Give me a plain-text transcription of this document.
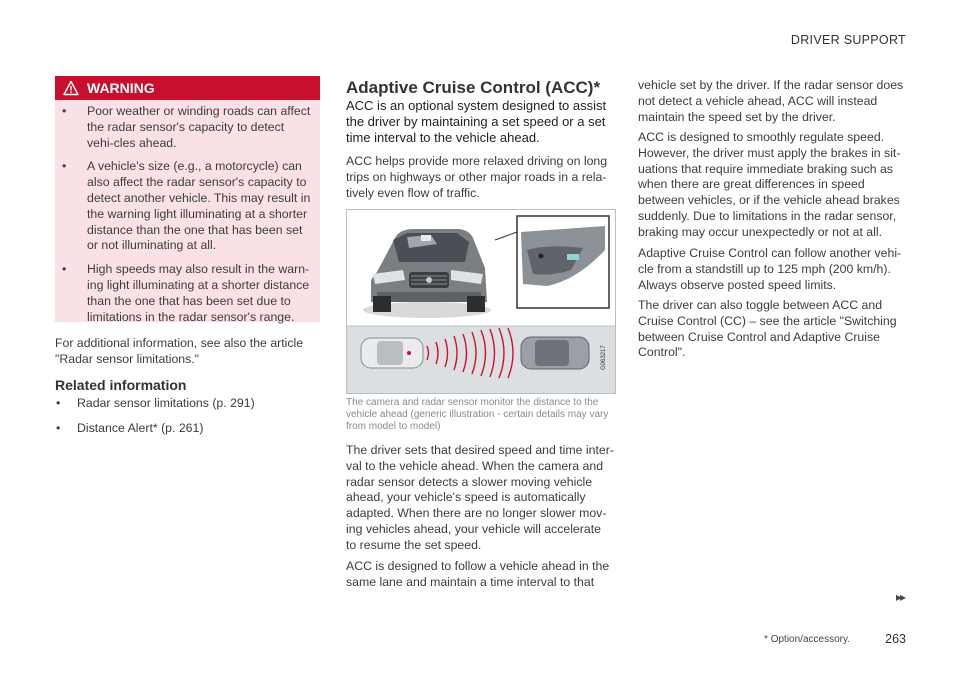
DRIVER SUPPORT
WARNING
• Poor weather or winding roads can affect the radar sensor's capacity to detect vehi-cles ahead.
• A vehicle's size (e.g., a motorcycle) can also affect the radar sensor's capacity to detect another vehicle. This may result in the warning light illuminating at a shorter distance than the one that has been set or not illuminating at all.
• High speeds may also result in the warn-ing light illuminating at a shorter distance than the one that has been set due to limitations in the radar sensor's range.
For additional information, see also the article "Radar sensor limitations."
Related information
• Radar sensor limitations (p. 291)
• Distance Alert* (p. 261)
Adaptive Cruise Control (ACC)*
ACC is an optional system designed to assist the driver by maintaining a set speed or a set time interval to the vehicle ahead.
ACC helps provide more relaxed driving on long trips on highways or other major roads in a rela-tively even flow of traffic.
G063217
The camera and radar sensor monitor the distance to the vehicle ahead (generic illustration - certain details may vary from model to model)
The driver sets that desired speed and time inter-val to the vehicle ahead. When the camera and radar sensor detects a slower moving vehicle ahead, your vehicle's speed is automatically adapted. When there are no longer slower mov-ing vehicles ahead, your vehicle will accelerate to resume the set speed.
ACC is designed to follow a vehicle ahead in the same lane and maintain a time interval to that
vehicle set by the driver. If the radar sensor does not detect a vehicle ahead, ACC will instead maintain the speed set by the driver.
ACC is designed to smoothly regulate speed. However, the driver must apply the brakes in sit-uations that require immediate braking such as when there are great differences in speed between vehicles, or if the vehicle ahead brakes suddenly. Due to limitations in the radar sensor, braking may occur unexpectedly or not at all.
Adaptive Cruise Control can follow another vehi-cle from a standstill up to 125 mph (200 km/h). Always observe posted speed limits.
The driver can also toggle between ACC and Cruise Control (CC) – see the article "Switching between Cruise Control and Adaptive Cruise Control".
▸▸
* Option/accessory.	263
